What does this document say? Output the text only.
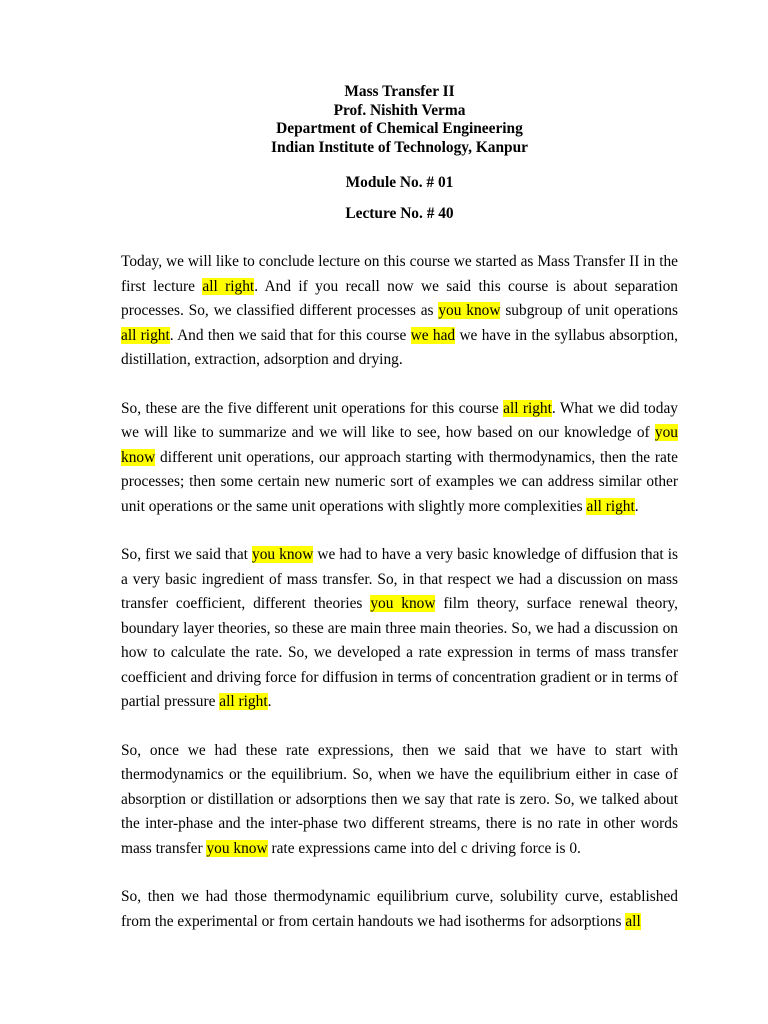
Mass Transfer II
Prof. Nishith Verma
Department of Chemical Engineering
Indian Institute of Technology, Kanpur
Module No. # 01
Lecture No. # 40

Today, we will like to conclude lecture on this course we started as Mass Transfer II in the first lecture all right. And if you recall now we said this course is about separation processes. So, we classified different processes as you know subgroup of unit operations all right. And then we said that for this course we had we have in the syllabus absorption, distillation, extraction, adsorption and drying.

So, these are the five different unit operations for this course all right. What we did today we will like to summarize and we will like to see, how based on our knowledge of you know different unit operations, our approach starting with thermodynamics, then the rate processes; then some certain new numeric sort of examples we can address similar other unit operations or the same unit operations with slightly more complexities all right.

So, first we said that you know we had to have a very basic knowledge of diffusion that is a very basic ingredient of mass transfer. So, in that respect we had a discussion on mass transfer coefficient, different theories you know film theory, surface renewal theory, boundary layer theories, so these are main three main theories. So, we had a discussion on how to calculate the rate. So, we developed a rate expression in terms of mass transfer coefficient and driving force for diffusion in terms of concentration gradient or in terms of partial pressure all right.

So, once we had these rate expressions, then we said that we have to start with thermodynamics or the equilibrium. So, when we have the equilibrium either in case of absorption or distillation or adsorptions then we say that rate is zero. So, we talked about the inter-phase and the inter-phase two different streams, there is no rate in other words mass transfer you know rate expressions came into del c driving force is 0.

So, then we had those thermodynamic equilibrium curve, solubility curve, established from the experimental or from certain handouts we had isotherms for adsorptions all
